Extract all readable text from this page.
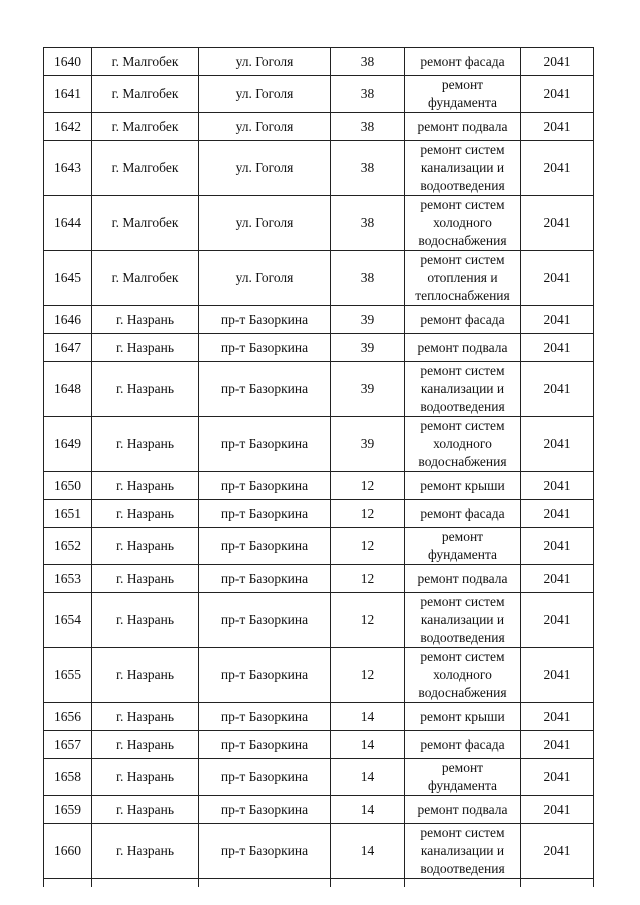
1640	г. Малгобек	ул. Гоголя	38	ремонт фасада	2041
1641	г. Малгобек	ул. Гоголя	38	ремонт фундамента	2041
1642	г. Малгобек	ул. Гоголя	38	ремонт подвала	2041
1643	г. Малгобек	ул. Гоголя	38	ремонт систем канализации и водоотведения	2041
1644	г. Малгобек	ул. Гоголя	38	ремонт систем холодного водоснабжения	2041
1645	г. Малгобек	ул. Гоголя	38	ремонт систем отопления и теплоснабжения	2041
1646	г. Назрань	пр-т Базоркина	39	ремонт фасада	2041
1647	г. Назрань	пр-т Базоркина	39	ремонт подвала	2041
1648	г. Назрань	пр-т Базоркина	39	ремонт систем канализации и водоотведения	2041
1649	г. Назрань	пр-т Базоркина	39	ремонт систем холодного водоснабжения	2041
1650	г. Назрань	пр-т Базоркина	12	ремонт крыши	2041
1651	г. Назрань	пр-т Базоркина	12	ремонт фасада	2041
1652	г. Назрань	пр-т Базоркина	12	ремонт фундамента	2041
1653	г. Назрань	пр-т Базоркина	12	ремонт подвала	2041
1654	г. Назрань	пр-т Базоркина	12	ремонт систем канализации и водоотведения	2041
1655	г. Назрань	пр-т Базоркина	12	ремонт систем холодного водоснабжения	2041
1656	г. Назрань	пр-т Базоркина	14	ремонт крыши	2041
1657	г. Назрань	пр-т Базоркина	14	ремонт фасада	2041
1658	г. Назрань	пр-т Базоркина	14	ремонт фундамента	2041
1659	г. Назрань	пр-т Базоркина	14	ремонт подвала	2041
1660	г. Назрань	пр-т Базоркина	14	ремонт систем канализации и водоотведения	2041
